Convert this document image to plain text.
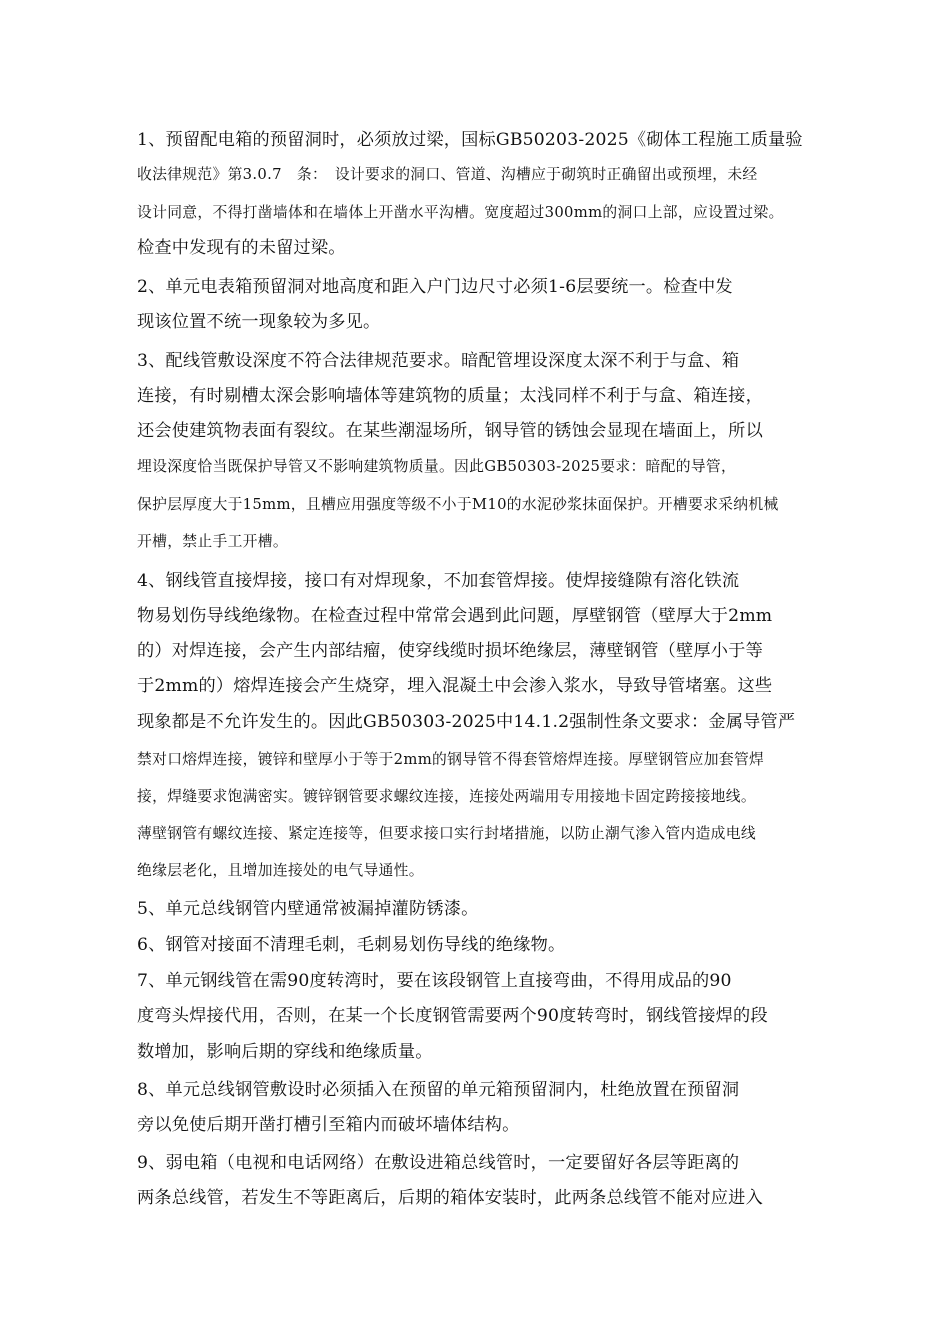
1、预留配电箱的预留洞时，必须放过梁，国标GB50203-2025《砌体工程施工质量验
收法律规范》第3.0.7　条：　设计要求的洞口、管道、沟槽应于砌筑时正确留出或预埋，未经
设计同意，不得打凿墙体和在墙体上开凿水平沟槽。宽度超过300mm的洞口上部，应设置过梁。
检查中发现有的未留过梁。
2、单元电表箱预留洞对地高度和距入户门边尺寸必须1-6层要统一。检查中发
现该位置不统一现象较为多见。
3、配线管敷设深度不符合法律规范要求。暗配管埋设深度太深不利于与盒、箱
连接，有时剔槽太深会影响墙体等建筑物的质量；太浅同样不利于与盒、箱连接，
还会使建筑物表面有裂纹。在某些潮湿场所，钢导管的锈蚀会显现在墙面上，所以
埋设深度恰当既保护导管又不影响建筑物质量。因此GB50303-2025要求：暗配的导管，
保护层厚度大于15mm，且槽应用强度等级不小于M10的水泥砂浆抹面保护。开槽要求采纳机械
开槽，禁止手工开槽。
4、钢线管直接焊接，接口有对焊现象，不加套管焊接。使焊接缝隙有溶化铁流
物易划伤导线绝缘物。在检查过程中常常会遇到此问题，厚壁钢管（壁厚大于2mm
的）对焊连接，会产生内部结瘤，使穿线缆时损坏绝缘层，薄壁钢管（壁厚小于等
于2mm的）熔焊连接会产生烧穿，埋入混凝土中会渗入浆水，导致导管堵塞。这些
现象都是不允许发生的。因此GB50303-2025中14.1.2强制性条文要求：金属导管严
禁对口熔焊连接，镀锌和壁厚小于等于2mm的钢导管不得套管熔焊连接。厚壁钢管应加套管焊
接，焊缝要求饱满密实。镀锌钢管要求螺纹连接，连接处两端用专用接地卡固定跨接接地线。
薄壁钢管有螺纹连接、紧定连接等，但要求接口实行封堵措施，以防止潮气渗入管内造成电线
绝缘层老化，且增加连接处的电气导通性。
5、单元总线钢管内壁通常被漏掉灌防锈漆。
6、钢管对接面不清理毛刺，毛刺易划伤导线的绝缘物。
7、单元钢线管在需90度转湾时，要在该段钢管上直接弯曲，不得用成品的90
度弯头焊接代用，否则，在某一个长度钢管需要两个90度转弯时，钢线管接焊的段
数增加，影响后期的穿线和绝缘质量。
8、单元总线钢管敷设时必须插入在预留的单元箱预留洞内，杜绝放置在预留洞
旁以免使后期开凿打槽引至箱内而破坏墙体结构。
9、弱电箱（电视和电话网络）在敷设进箱总线管时，一定要留好各层等距离的
两条总线管，若发生不等距离后，后期的箱体安装时，此两条总线管不能对应进入
